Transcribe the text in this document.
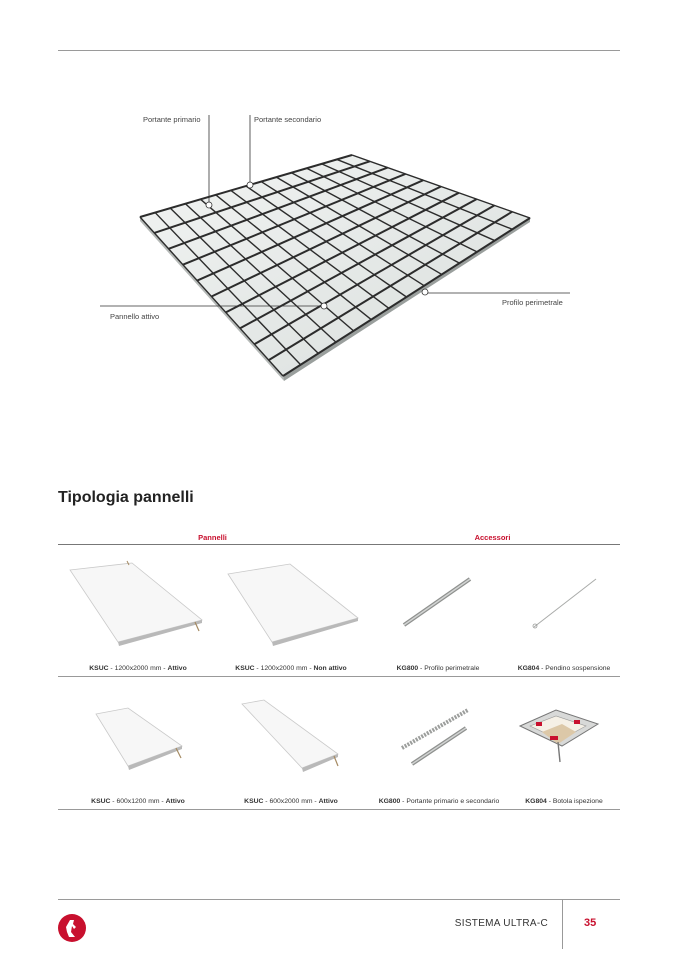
Portante primario	Portante secondario
Pannello attivo
Profilo perimetrale
Tipologia pannelli
Pannelli	Accessori
KSUC - 1200x2000 mm - Attivo	KSUC - 1200x2000 mm - Non attivo	KG800 - Profilo perimetrale	KG804 - Pendino sospensione
KSUC - 600x1200 mm - Attivo	KSUC - 600x2000 mm - Attivo	KG800 - Portante primario e secondario	KG804 - Botola ispezione
SISTEMA ULTRA-C	35
